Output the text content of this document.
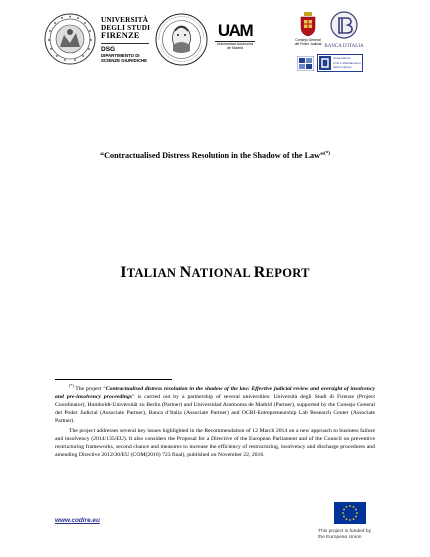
UNIVERSITÀ
DEGLI STUDI
FIRENZE
DSG
DIPARTIMENTO DI
SCIENZE GIURIDICHE
UAM
Universidad Autónoma
de Madrid
Consejo General
del Poder Judicial BANCA D'ITALIA
Osservatorio
Crisi e Risanamento
delle Imprese
“Contractualised Distress Resolution in the Shadow of the Law”(*)
ITALIAN NATIONAL REPORT

(*) The project “Contractualised distress resolution in the shadow of the law: Effective judicial review and oversight of insolvency and pre-insolvency proceedings” is carried out by a partnership of several universities: Università degli Studi di Firenze (Project Coordinator), Humboldt-Universität zu Berlin (Partner) and Universidad Autónoma de Madrid (Partner), supported by the Consejo General del Poder Judicial (Associate Partner), Banca d’Italia (Associate Partner) and OCRI-Entrepreneurship Lab Research Center (Associate Partner).

The project addresses several key issues highlighted in the Recommendation of 12 March 2014 on a new approach to business failure and insolvency (2014/135/EU). It also considers the Proposal for a Directive of the European Parliament and of the Council on preventive restructuring frameworks, second chance and measures to increase the efficiency of restructuring, insolvency and discharge procedures and amending Directive 2012/30/EU (COM(2016) 723 final), published on November 22, 2016.

www.codire.eu
This project is funded by
the European Union
